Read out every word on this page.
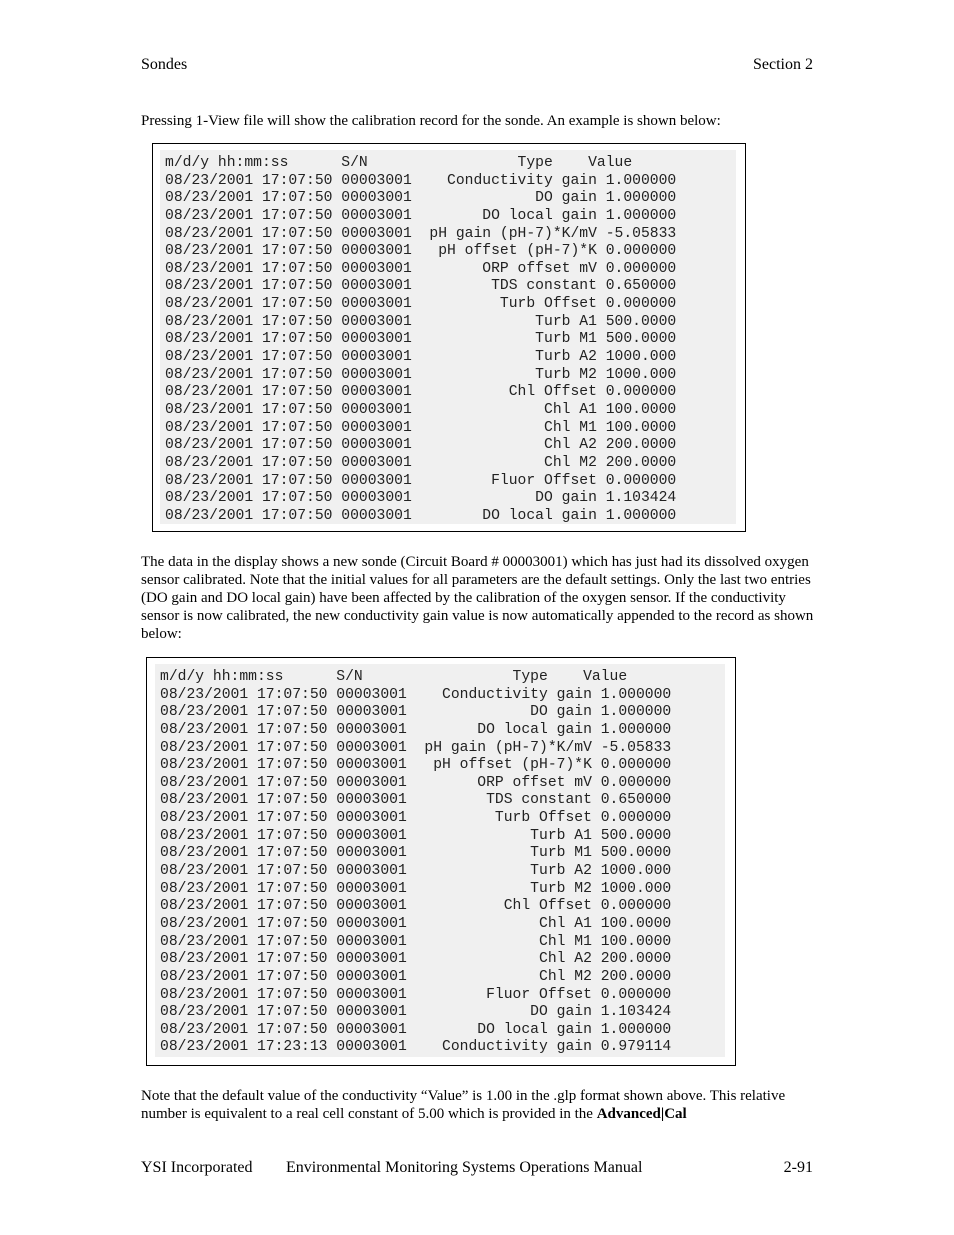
Sondes	Section 2
Pressing 1-View file will show the calibration record for the sonde. An example is shown below:
m/d/y hh:mm:ss      S/N                 Type    Value
08/23/2001 17:07:50 00003001    Conductivity gain 1.000000
08/23/2001 17:07:50 00003001              DO gain 1.000000
08/23/2001 17:07:50 00003001        DO local gain 1.000000
08/23/2001 17:07:50 00003001  pH gain (pH-7)*K/mV -5.05833
08/23/2001 17:07:50 00003001   pH offset (pH-7)*K 0.000000
08/23/2001 17:07:50 00003001        ORP offset mV 0.000000
08/23/2001 17:07:50 00003001         TDS constant 0.650000
08/23/2001 17:07:50 00003001          Turb Offset 0.000000
08/23/2001 17:07:50 00003001              Turb A1 500.0000
08/23/2001 17:07:50 00003001              Turb M1 500.0000
08/23/2001 17:07:50 00003001              Turb A2 1000.000
08/23/2001 17:07:50 00003001              Turb M2 1000.000
08/23/2001 17:07:50 00003001           Chl Offset 0.000000
08/23/2001 17:07:50 00003001               Chl A1 100.0000
08/23/2001 17:07:50 00003001               Chl M1 100.0000
08/23/2001 17:07:50 00003001               Chl A2 200.0000
08/23/2001 17:07:50 00003001               Chl M2 200.0000
08/23/2001 17:07:50 00003001         Fluor Offset 0.000000
08/23/2001 17:07:50 00003001              DO gain 1.103424
08/23/2001 17:07:50 00003001        DO local gain 1.000000
The data in the display shows a new sonde (Circuit Board # 00003001) which has just had its dissolved oxygen sensor calibrated. Note that the initial values for all parameters are the default settings. Only the last two entries (DO gain and DO local gain) have been affected by the calibration of the oxygen sensor. If the conductivity sensor is now calibrated, the new conductivity gain value is now automatically appended to the record as shown below:
m/d/y hh:mm:ss      S/N                 Type    Value
08/23/2001 17:07:50 00003001    Conductivity gain 1.000000
08/23/2001 17:07:50 00003001              DO gain 1.000000
08/23/2001 17:07:50 00003001        DO local gain 1.000000
08/23/2001 17:07:50 00003001  pH gain (pH-7)*K/mV -5.05833
08/23/2001 17:07:50 00003001   pH offset (pH-7)*K 0.000000
08/23/2001 17:07:50 00003001        ORP offset mV 0.000000
08/23/2001 17:07:50 00003001         TDS constant 0.650000
08/23/2001 17:07:50 00003001          Turb Offset 0.000000
08/23/2001 17:07:50 00003001              Turb A1 500.0000
08/23/2001 17:07:50 00003001              Turb M1 500.0000
08/23/2001 17:07:50 00003001              Turb A2 1000.000
08/23/2001 17:07:50 00003001              Turb M2 1000.000
08/23/2001 17:07:50 00003001           Chl Offset 0.000000
08/23/2001 17:07:50 00003001               Chl A1 100.0000
08/23/2001 17:07:50 00003001               Chl M1 100.0000
08/23/2001 17:07:50 00003001               Chl A2 200.0000
08/23/2001 17:07:50 00003001               Chl M2 200.0000
08/23/2001 17:07:50 00003001         Fluor Offset 0.000000
08/23/2001 17:07:50 00003001              DO gain 1.103424
08/23/2001 17:07:50 00003001        DO local gain 1.000000
08/23/2001 17:23:13 00003001    Conductivity gain 0.979114
Note that the default value of the conductivity “Value” is 1.00 in the .glp format shown above. This relative number is equivalent to a real cell constant of 5.00 which is provided in the Advanced|Cal
YSI Incorporated Environmental Monitoring Systems Operations Manual	2-91
